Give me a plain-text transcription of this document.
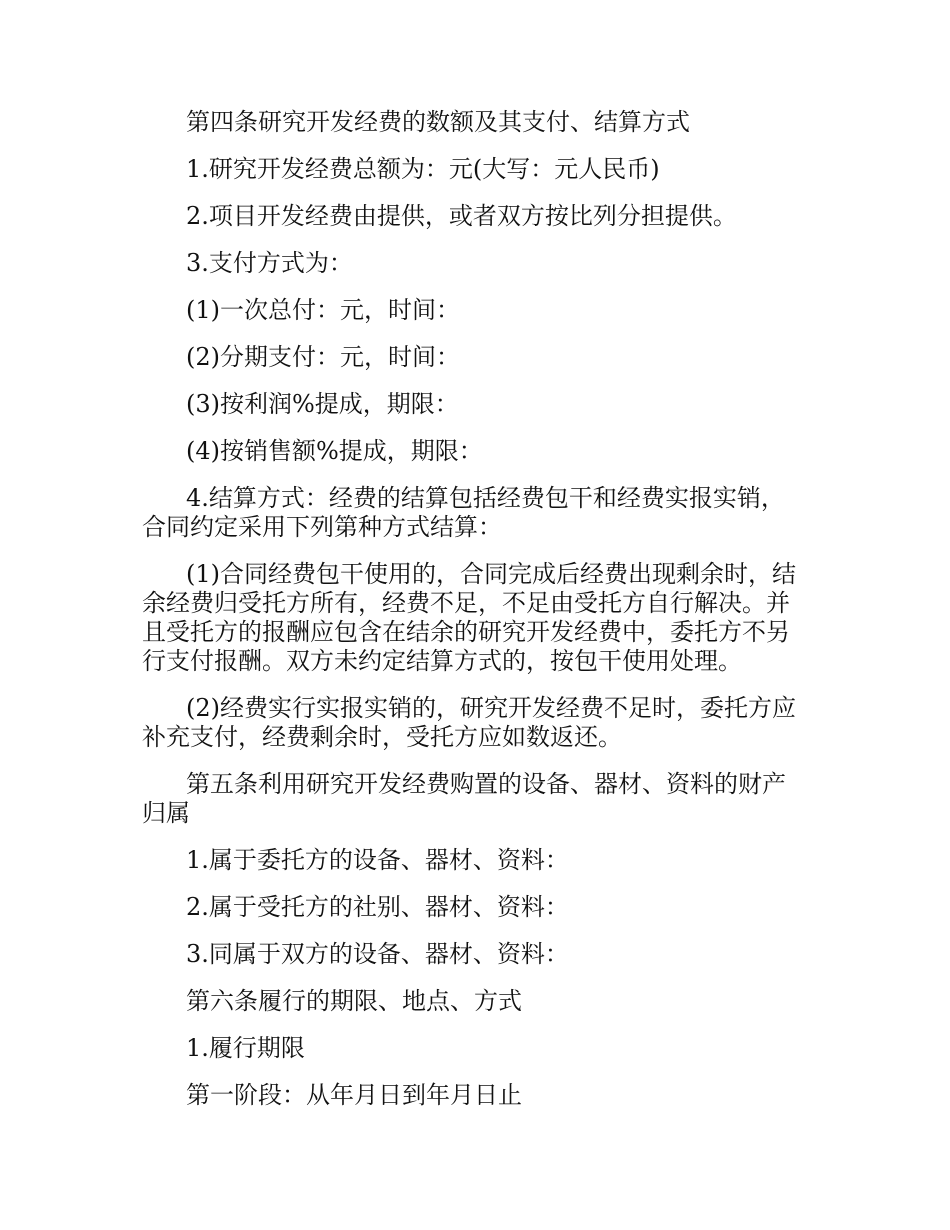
第四条研究开发经费的数额及其支付、结算方式

1.研究开发经费总额为：元(大写：元人民币)

2.项目开发经费由提供，或者双方按比列分担提供。

3.支付方式为：

(1)一次总付：元，时间：

(2)分期支付：元，时间：

(3)按利润%提成，期限：

(4)按销售额%提成，期限：

4.结算方式：经费的结算包括经费包干和经费实报实销，合同约定采用下列第种方式结算：

(1)合同经费包干使用的，合同完成后经费出现剩余时，结余经费归受托方所有，经费不足，不足由受托方自行解决。并且受托方的报酬应包含在结余的研究开发经费中，委托方不另行支付报酬。双方未约定结算方式的，按包干使用处理。

(2)经费实行实报实销的，研究开发经费不足时，委托方应补充支付，经费剩余时，受托方应如数返还。

第五条利用研究开发经费购置的设备、器材、资料的财产归属

1.属于委托方的设备、器材、资料：

2.属于受托方的社别、器材、资料：

3.同属于双方的设备、器材、资料：

第六条履行的期限、地点、方式

1.履行期限

第一阶段：从年月日到年月日止
